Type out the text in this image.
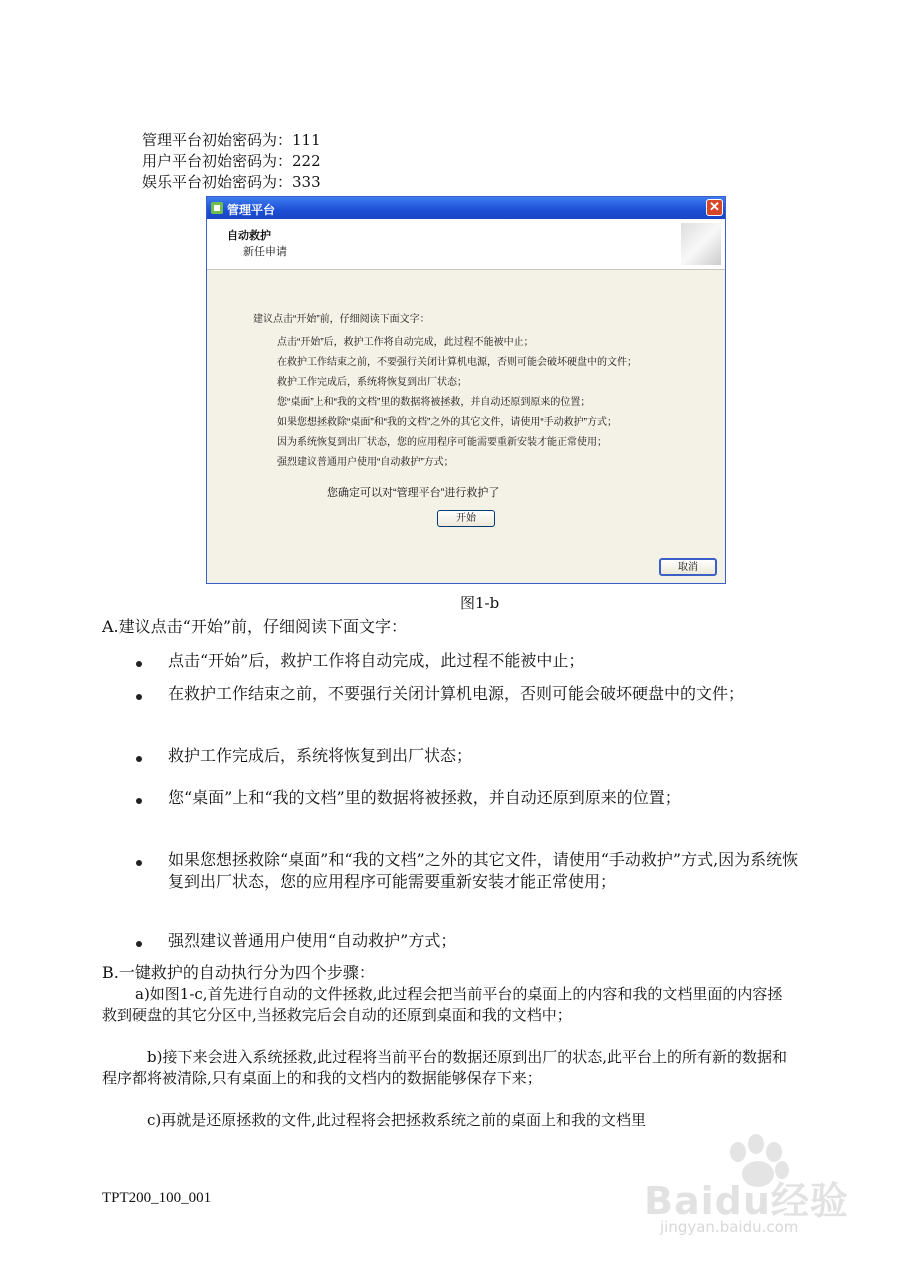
管理平台初始密码为：111
用户平台初始密码为：222
娱乐平台初始密码为：333
管理平台	✕
自动救护
新任申请
建议点击“开始”前，仔细阅读下面文字：
点击“开始”后，救护工作将自动完成，此过程不能被中止；
在救护工作结束之前，不要强行关闭计算机电源，否则可能会破坏硬盘中的文件；
救护工作完成后，系统将恢复到出厂状态；
您“桌面”上和“我的文档”里的数据将被拯救，并自动还原到原来的位置；
如果您想拯救除“桌面”和“我的文档”之外的其它文件，请使用“手动救护”方式；
因为系统恢复到出厂状态，您的应用程序可能需要重新安装才能正常使用；
强烈建议普通用户使用“自动救护”方式；
您确定可以对“管理平台”进行救护了
开始
取消
图1-b
A.建议点击“开始”前，仔细阅读下面文字：
点击“开始”后，救护工作将自动完成，此过程不能被中止；
在救护工作结束之前，不要强行关闭计算机电源，否则可能会破坏硬盘中的文件；
救护工作完成后，系统将恢复到出厂状态；
您“桌面”上和“我的文档”里的数据将被拯救，并自动还原到原来的位置；
如果您想拯救除“桌面”和“我的文档”之外的其它文件，请使用“手动救护”方式,因为系统恢复到出厂状态，您的应用程序可能需要重新安装才能正常使用；
强烈建议普通用户使用“自动救护”方式；
B.一键救护的自动执行分为四个步骤：
a)如图1-c,首先进行自动的文件拯救,此过程会把当前平台的桌面上的内容和我的文档里面的内容拯救到硬盘的其它分区中,当拯救完后会自动的还原到桌面和我的文档中；
b)接下来会进入系统拯救,此过程将当前平台的数据还原到出厂的状态,此平台上的所有新的数据和程序都将被清除,只有桌面上的和我的文档内的数据能够保存下来；
c)再就是还原拯救的文件,此过程将会把拯救系统之前的桌面上和我的文档里
TPT200_100_001	Baidu经验
jingyan.baidu.com
